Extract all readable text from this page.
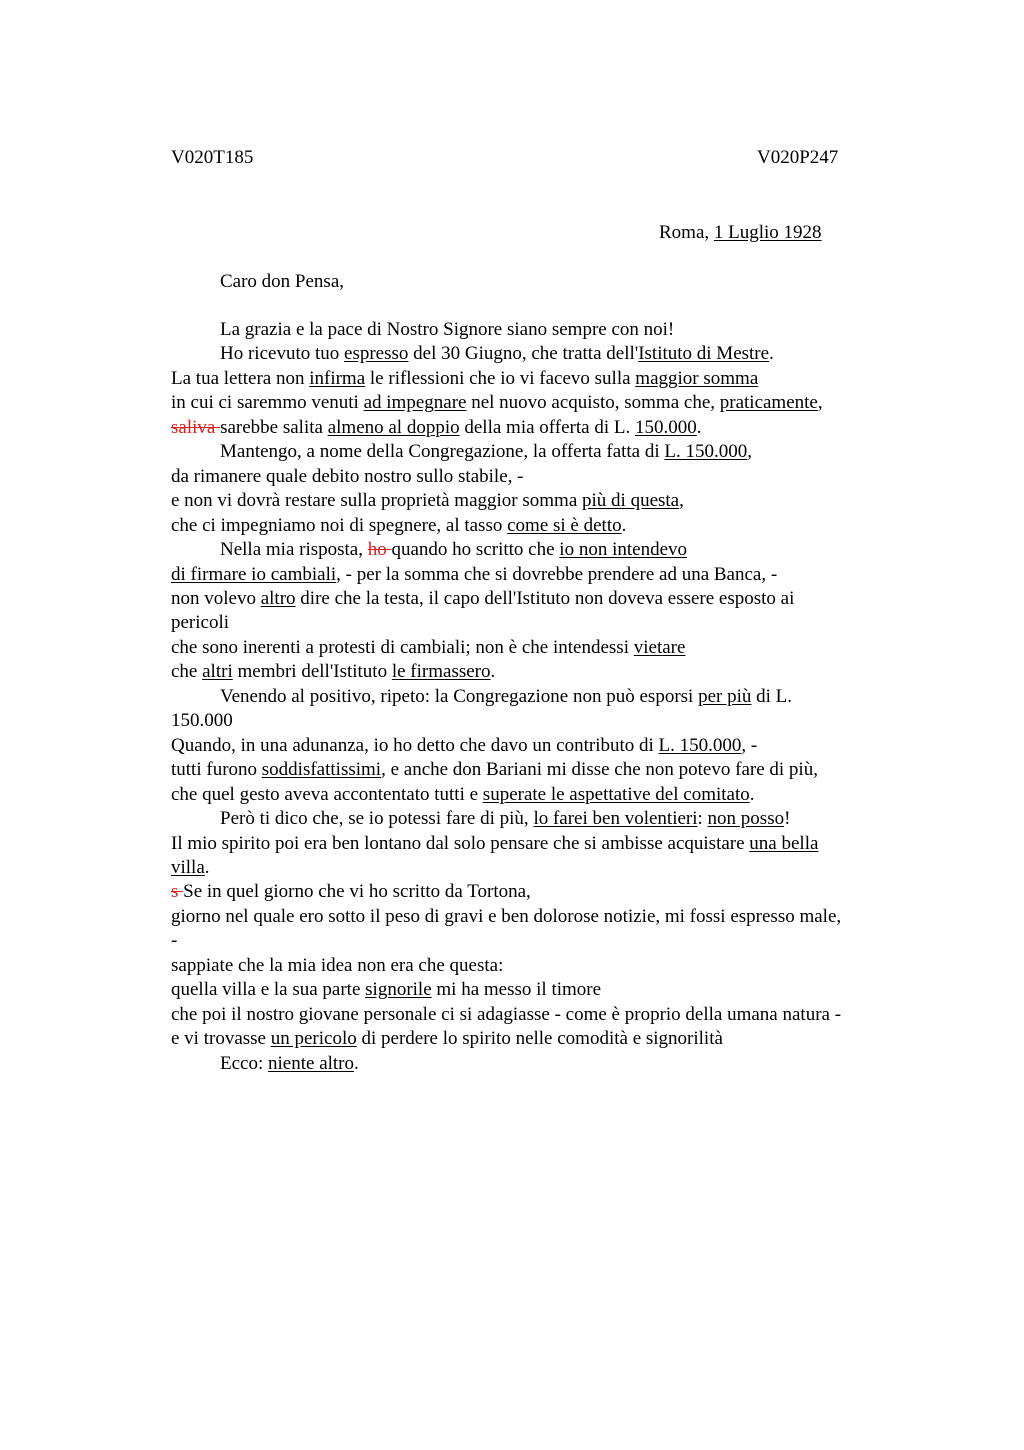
V020T185	V020P247
Roma, 1 Luglio 1928
Caro don Pensa,
La grazia e la pace di Nostro Signore siano sempre con noi!
Ho ricevuto tuo espresso del 30 Giugno, che tratta dell'Istituto di Mestre.
La tua lettera non infirma le riflessioni che io vi facevo sulla maggior somma
in cui ci saremmo venuti ad impegnare nel nuovo acquisto, somma che, praticamente,
saliva sarebbe salita almeno al doppio della mia offerta di L. 150.000.
Mantengo, a nome della Congregazione, la offerta fatta di L. 150.000,
da rimanere quale debito nostro sullo stabile, -
e non vi dovrà restare sulla proprietà maggior somma più di questa,
che ci impegniamo noi di spegnere, al tasso come si è detto.
Nella mia risposta, ho quando ho scritto che io non intendevo
di firmare io cambiali, - per la somma che si dovrebbe prendere ad una Banca, -
non volevo altro dire che la testa, il capo dell'Istituto non doveva essere esposto ai
pericoli
che sono inerenti a protesti di cambiali; non è che intendessi vietare
che altri membri dell'Istituto le firmassero.
Venendo al positivo, ripeto: la Congregazione non può esporsi per più di L.
150.000
Quando, in una adunanza, io ho detto che davo un contributo di L. 150.000, -
tutti furono soddisfattissimi, e anche don Bariani mi disse che non potevo fare di più,
che quel gesto aveva accontentato tutti e superate le aspettative del comitato.
Però ti dico che, se io potessi fare di più, lo farei ben volentieri: non posso!
Il mio spirito poi era ben lontano dal solo pensare che si ambisse acquistare una bella
villa.
s Se in quel giorno che vi ho scritto da Tortona,
giorno nel quale ero sotto il peso di gravi e ben dolorose notizie, mi fossi espresso male,
-
sappiate che la mia idea non era che questa:
quella villa e la sua parte signorile mi ha messo il timore
che poi il nostro giovane personale ci si adagiasse - come è proprio della umana natura -
e vi trovasse un pericolo di perdere lo spirito nelle comodità e signorilità
Ecco: niente altro.
